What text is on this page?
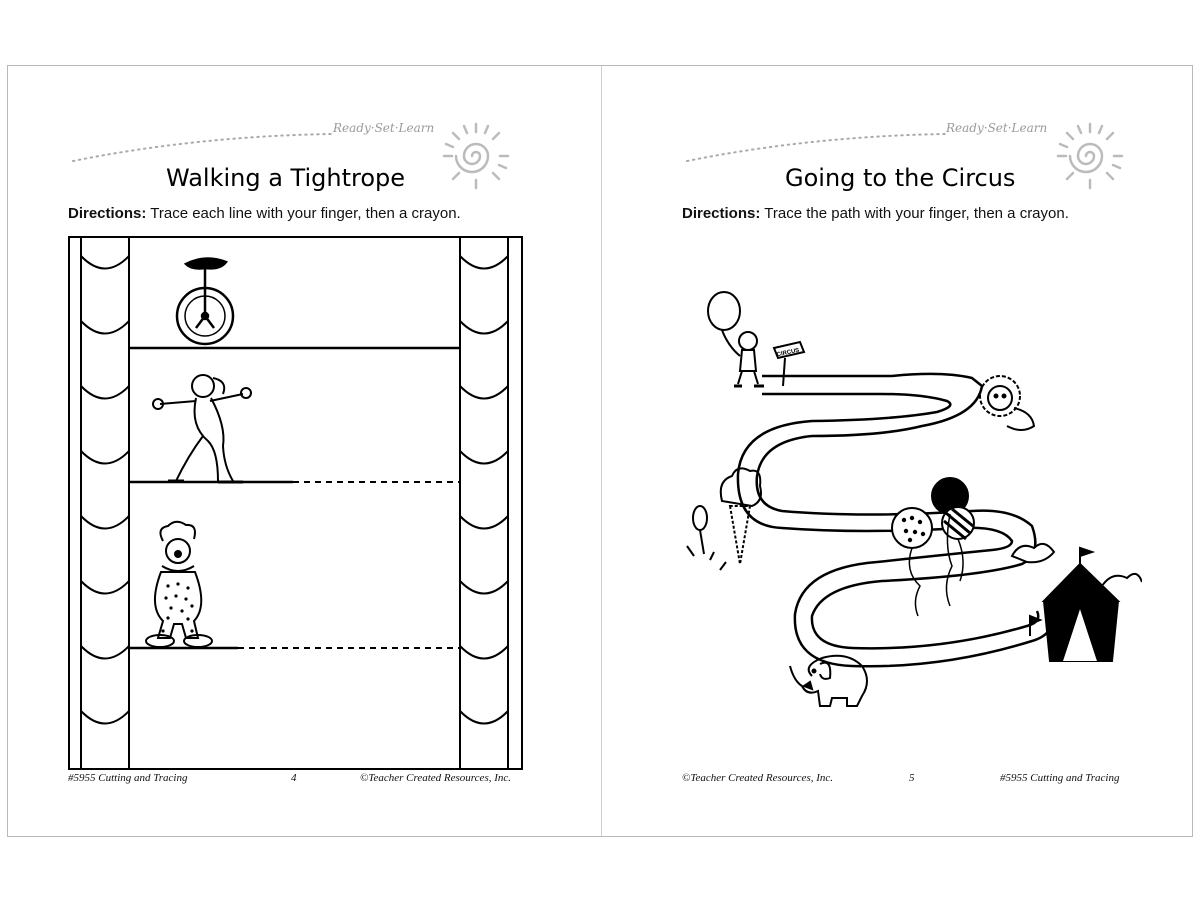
Ready·Set·Learn
Walking a Tightrope
Directions: Trace each line with your finger, then a crayon.
#5955 Cutting and Tracing	4	©Teacher Created Resources, Inc.
Ready·Set·Learn
Going to the Circus
Directions: Trace the path with your finger, then a crayon.
CIRCUS
©Teacher Created Resources, Inc.	5	#5955 Cutting and Tracing
